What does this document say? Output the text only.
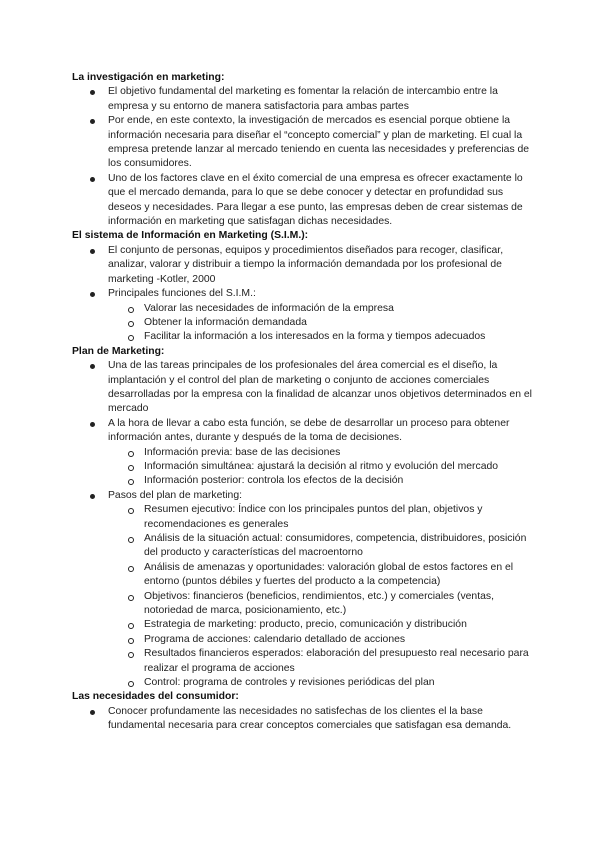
La investigación en marketing:
El objetivo fundamental del marketing es fomentar la relación de intercambio entre la empresa y su entorno de manera satisfactoria para ambas partes
Por ende, en este contexto, la investigación de mercados es esencial porque obtiene la información necesaria para diseñar el “concepto comercial” y plan de marketing. El cual la empresa pretende lanzar al mercado teniendo en cuenta las necesidades y preferencias de los consumidores.
Uno de los factores clave en el éxito comercial de una empresa es ofrecer exactamente lo que el mercado demanda, para lo que se debe conocer y detectar en profundidad sus deseos y necesidades. Para llegar a ese punto, las empresas deben de crear sistemas de información en marketing que satisfagan dichas necesidades.
El sistema de Información en Marketing (S.I.M.):
El conjunto de personas, equipos y procedimientos diseñados para recoger, clasificar, analizar, valorar y distribuir a tiempo la información demandada por los profesional de marketing -Kotler, 2000
Principales funciones del S.I.M.:
Valorar las necesidades de información de la empresa
Obtener la información demandada
Facilitar la información a los interesados en la forma y tiempos adecuados
Plan de Marketing:
Una de las tareas principales de los profesionales del área comercial es el diseño, la implantación y el control del plan de marketing o conjunto de acciones comerciales desarrolladas por la empresa con la finalidad de alcanzar unos objetivos determinados en el mercado
A la hora de llevar a cabo esta función, se debe de desarrollar un proceso para obtener información antes, durante y después de la toma de decisiones.
Información previa: base de las decisiones
Información simultánea: ajustará la decisión al ritmo y evolución del mercado
Información posterior: controla los efectos de la decisión
Pasos del plan de marketing:
Resumen ejecutivo: Índice con los principales puntos del plan, objetivos y recomendaciones es generales
Análisis de la situación actual: consumidores, competencia, distribuidores, posición del producto y características del macroentorno
Análisis de amenazas y oportunidades: valoración global de estos factores en el entorno (puntos débiles y fuertes del producto a la competencia)
Objetivos: financieros (beneficios, rendimientos, etc.) y comerciales (ventas, notoriedad de marca, posicionamiento, etc.)
Estrategia de marketing: producto, precio, comunicación y distribución
Programa de acciones: calendario detallado de acciones
Resultados financieros esperados: elaboración del presupuesto real necesario para realizar el programa de acciones
Control: programa de controles y revisiones periódicas del plan
Las necesidades del consumidor:
Conocer profundamente las necesidades no satisfechas de los clientes el la base fundamental necesaria para crear conceptos comerciales que satisfagan esa demanda.
